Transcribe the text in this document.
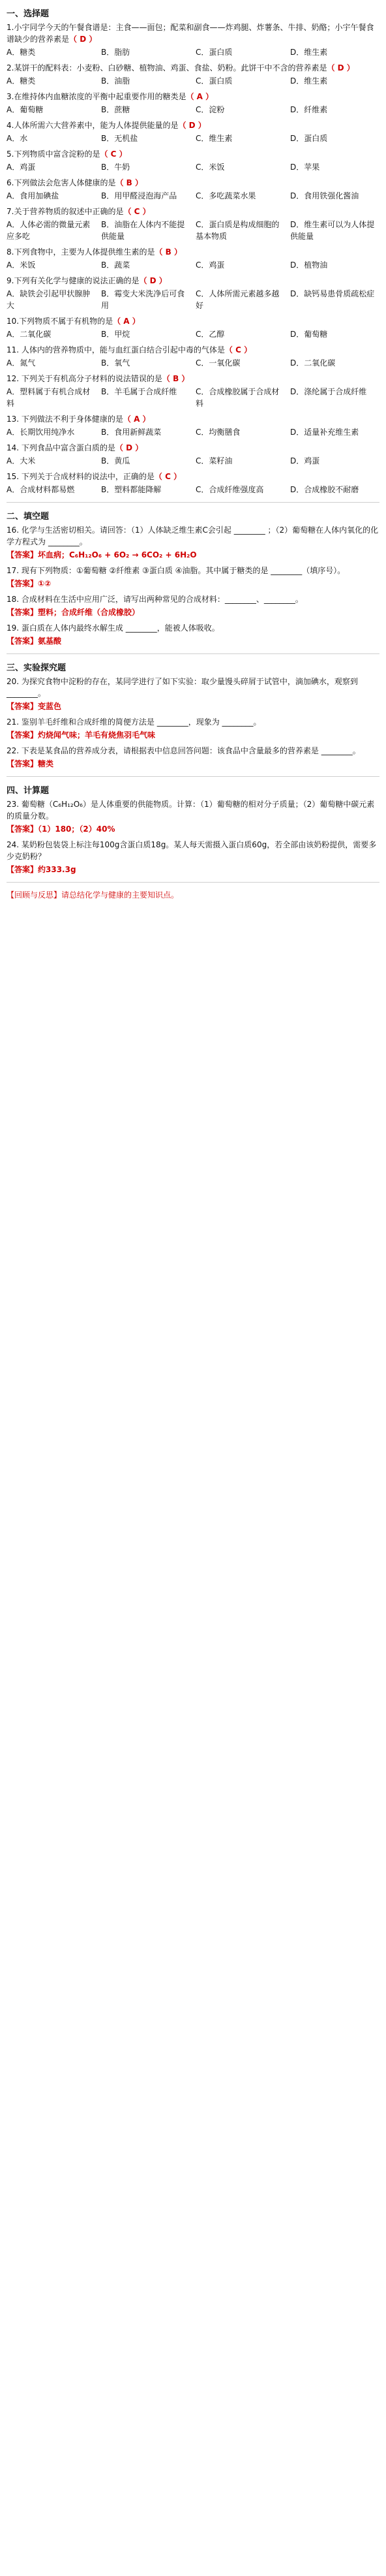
一、选择题
1.小宇同学今天的午餐食谱是：主食——面包；配菜和副食——炸鸡腿、炸薯条、牛排、奶酪；小宇午餐食谱缺少的营养素是（ D ）
A．糖类	B．脂肪	C．蛋白质	D．维生素
2.某饼干的配料表：小麦粉、白砂糖、植物油、鸡蛋、食盐、奶粉。此饼干中不含的营养素是（ D ）
A．糖类	B．油脂	C．蛋白质	D．维生素
3.在维持体内血糖浓度的平衡中起重要作用的糖类是（ A ）
A．葡萄糖	B．蔗糖	C．淀粉	D．纤维素
4.人体所需六大营养素中，能为人体提供能量的是（ D ）
A．水	B．无机盐	C．维生素	D．蛋白质
5.下列物质中富含淀粉的是（ C ）
A．鸡蛋	B．牛奶	C．米饭	D．苹果
6.下列做法会危害人体健康的是（ B ）
A．食用加碘盐	B．用甲醛浸泡海产品	C．多吃蔬菜水果	D．食用铁强化酱油
7.关于营养物质的叙述中正确的是（ C ）
A．人体必需的微量元素应多吃
B．油脂在人体内不能提供能量
C．蛋白质是构成细胞的基本物质
D．维生素可以为人体提供能量
8.下列食物中，主要为人体提供维生素的是（ B ）
A．米饭	B．蔬菜	C．鸡蛋	D．植物油
9.下列有关化学与健康的说法正确的是（ D ）
A．缺铁会引起甲状腺肿大
B．霉变大米洗净后可食用
C．人体所需元素越多越好
D．缺钙易患骨质疏松症
10.下列物质不属于有机物的是（ A ）
A．二氧化碳	B．甲烷	C．乙醇	D．葡萄糖
11. 人体内的营养物质中，能与血红蛋白结合引起中毒的气体是（ C ）
A．氮气	B．氧气	C．一氧化碳	D．二氧化碳
12. 下列关于有机高分子材料的说法错误的是（ B ）
A．塑料属于有机合成材料
B．羊毛属于合成纤维	C．合成橡胶属于合成材料
D．涤纶属于合成纤维
13. 下列做法不利于身体健康的是（ A ）
A．长期饮用纯净水	B．食用新鲜蔬菜	C．均衡膳食	D．适量补充维生素
14. 下列食品中富含蛋白质的是（ D ）
A．大米	B．黄瓜	C．菜籽油	D．鸡蛋
15. 下列关于合成材料的说法中，正确的是（ C ）
A．合成材料都易燃	B．塑料都能降解	C．合成纤维强度高	D．合成橡胶不耐磨
二、填空题
16. 化学与生活密切相关。请回答：（1）人体缺乏维生素C会引起 ________ ；（2）葡萄糖在人体内氧化的化学方程式为 ________。
【答案】坏血病；C₆H₁₂O₆ + 6O₂ → 6CO₂ + 6H₂O
17. 现有下列物质：①葡萄糖 ②纤维素 ③蛋白质 ④油脂。其中属于糖类的是 ________（填序号）。
【答案】①②
18. 合成材料在生活中应用广泛，请写出两种常见的合成材料：________、________。
【答案】塑料；合成纤维（合成橡胶）
19. 蛋白质在人体内最终水解生成 ________，能被人体吸收。
【答案】氨基酸
三、实验探究题
20. 为探究食物中淀粉的存在，某同学进行了如下实验：取少量馒头碎屑于试管中，滴加碘水，观察到 ________。
【答案】变蓝色
21. 鉴别羊毛纤维和合成纤维的简便方法是 ________，现象为 ________。
【答案】灼烧闻气味；羊毛有烧焦羽毛气味
22. 下表是某食品的营养成分表，请根据表中信息回答问题：该食品中含量最多的营养素是 ________。
【答案】糖类
四、计算题
23. 葡萄糖（C₆H₁₂O₆）是人体重要的供能物质。计算：（1）葡萄糖的相对分子质量；（2）葡萄糖中碳元素的质量分数。
【答案】（1）180；（2）40%
24. 某奶粉包装袋上标注每100g含蛋白质18g。某人每天需摄入蛋白质60g，若全部由该奶粉提供，需要多少克奶粉？
【答案】约333.3g
【回顾与反思】请总结化学与健康的主要知识点。
